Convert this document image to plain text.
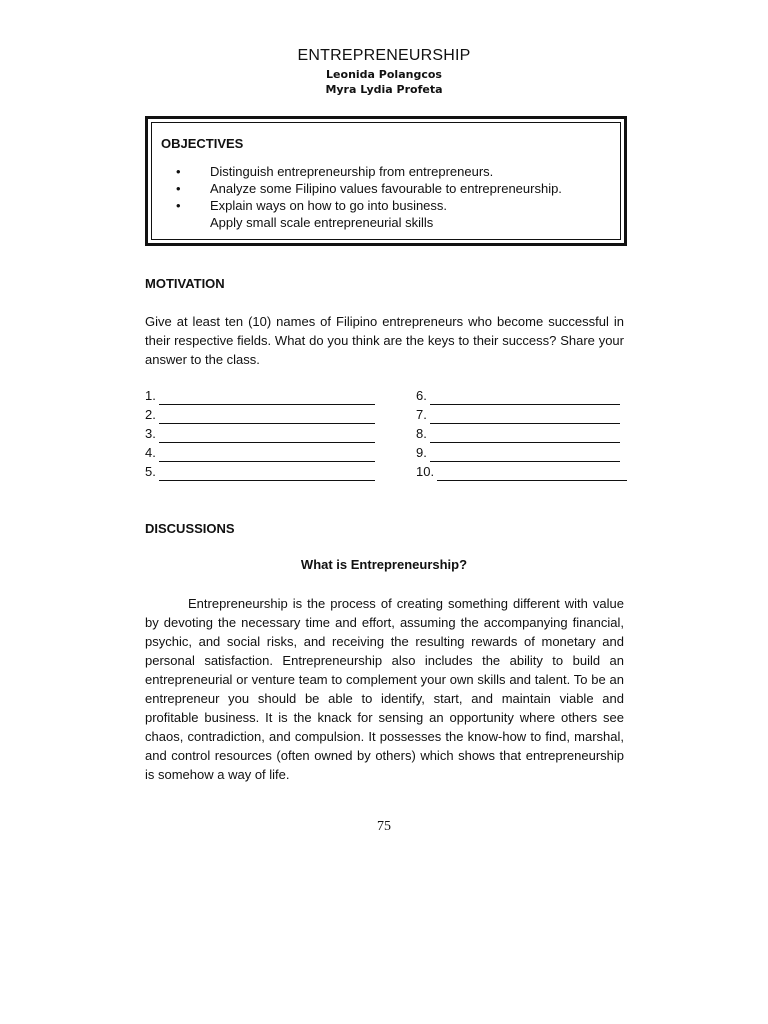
ENTREPRENEURSHIP
Leonida Polangcos
Myra Lydia Profeta
OBJECTIVES
• Distinguish entrepreneurship from entrepreneurs.
• Analyze some Filipino values favourable to entrepreneurship.
• Explain ways on how to go into business.
Apply small scale entrepreneurial skills
MOTIVATION

Give at least ten (10) names of Filipino entrepreneurs who become successful in their respective fields. What do you think are the keys to their success? Share your answer to the class.

1.
2.
3.
4.
5.
6.
7.
8.
9.
10.
DISCUSSIONS
What is Entrepreneurship?

Entrepreneurship is the process of creating something different with value by devoting the necessary time and effort, assuming the accompanying financial, psychic, and social risks, and receiving the resulting rewards of monetary and personal satisfaction. Entrepreneurship also includes the ability to build an entrepreneurial or venture team to complement your own skills and talent. To be an entrepreneur you should be able to identify, start, and maintain viable and profitable business. It is the knack for sensing an opportunity where others see chaos, contradiction, and compulsion. It possesses the know-how to find, marshal, and control resources (often owned by others) which shows that entrepreneurship is somehow a way of life.

75
